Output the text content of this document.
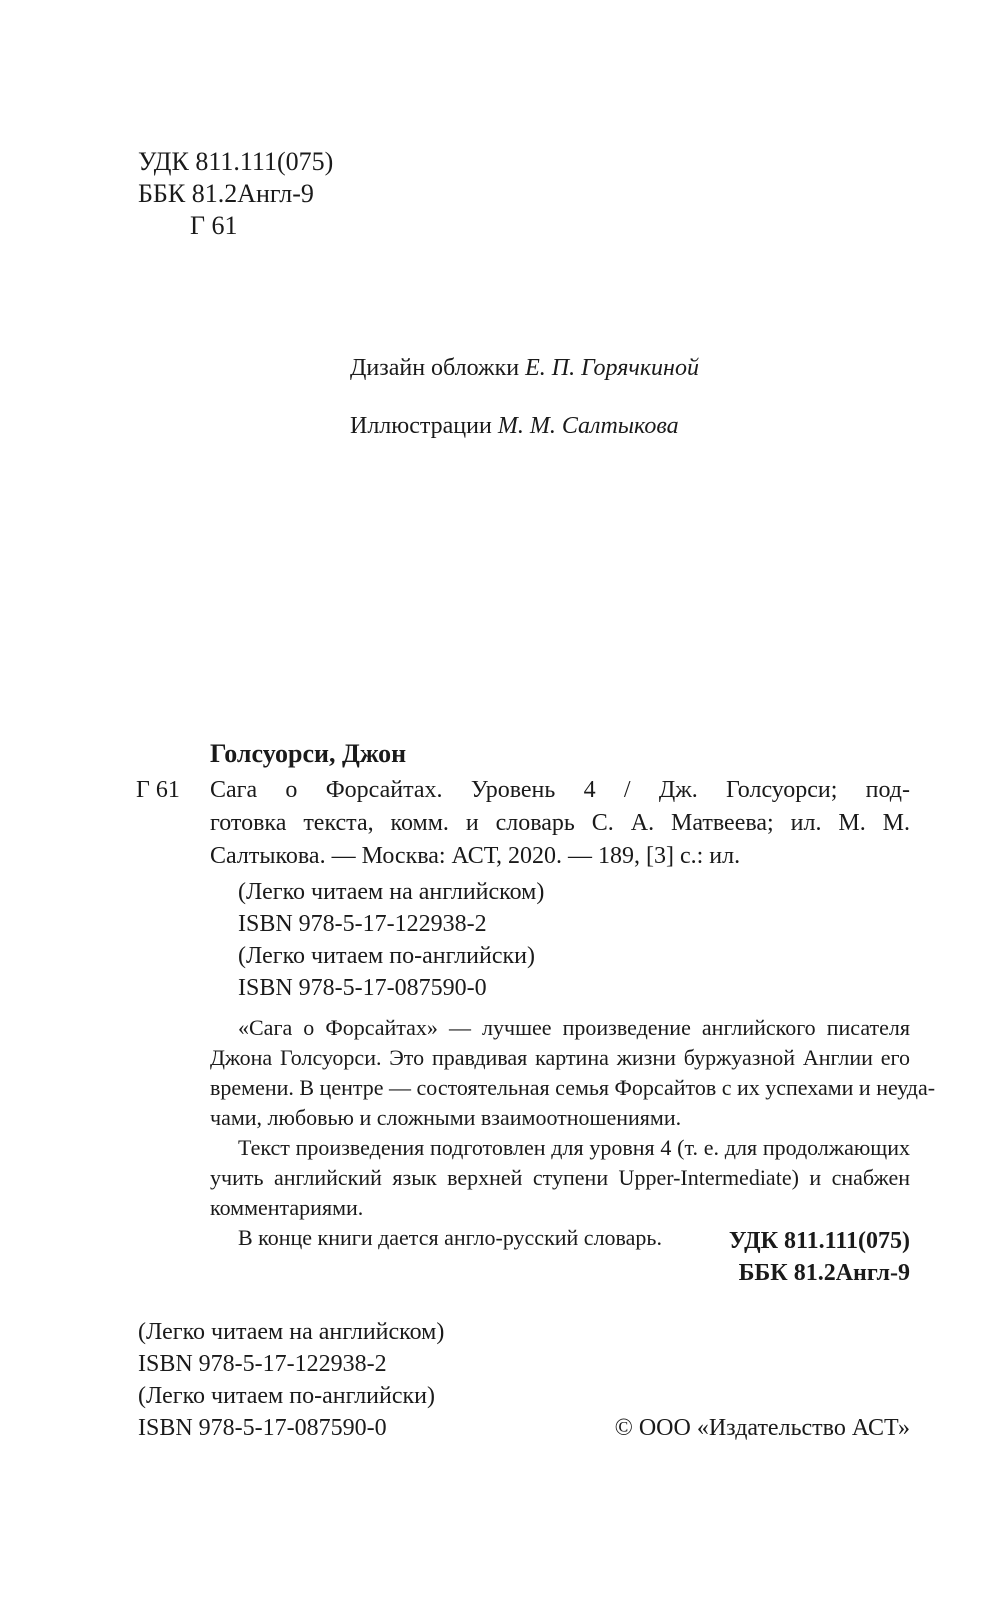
УДК 811.111(075)
ББК 81.2Англ-9
Г 61
Дизайн обложки Е. П. Горячкиной
Иллюстрации М. М. Салтыкова
Голсуорси, Джон
Г 61 Сага о Форсайтах. Уровень 4 / Дж. Голсуорси; под-
готовка текста, комм. и словарь С. А. Матвеева; ил. М. М.
Салтыкова. — Москва: АСТ, 2020. — 189, [3] с.: ил.
(Легко читаем на английском)
ISBN 978-5-17-122938-2
(Легко читаем по-английски)
ISBN 978-5-17-087590-0
«Сага о Форсайтах» — лучшее произведение английского писателя
Джона Голсуорси. Это правдивая картина жизни буржуазной Англии его
времени. В центре — состоятельная семья Форсайтов с их успехами и неуда-
чами, любовью и сложными взаимоотношениями.
Текст произведения подготовлен для уровня 4 (т. е. для продолжающих
учить английский язык верхней ступени Upper-Intermediate) и снабжен
комментариями.
В конце книги дается англо-русский словарь.	УДК 811.111(075)
ББК 81.2Англ-9
(Легко читаем на английском)
ISBN 978-5-17-122938-2
(Легко читаем по-английски)
ISBN 978-5-17-087590-0	© ООО «Издательство АСТ»
